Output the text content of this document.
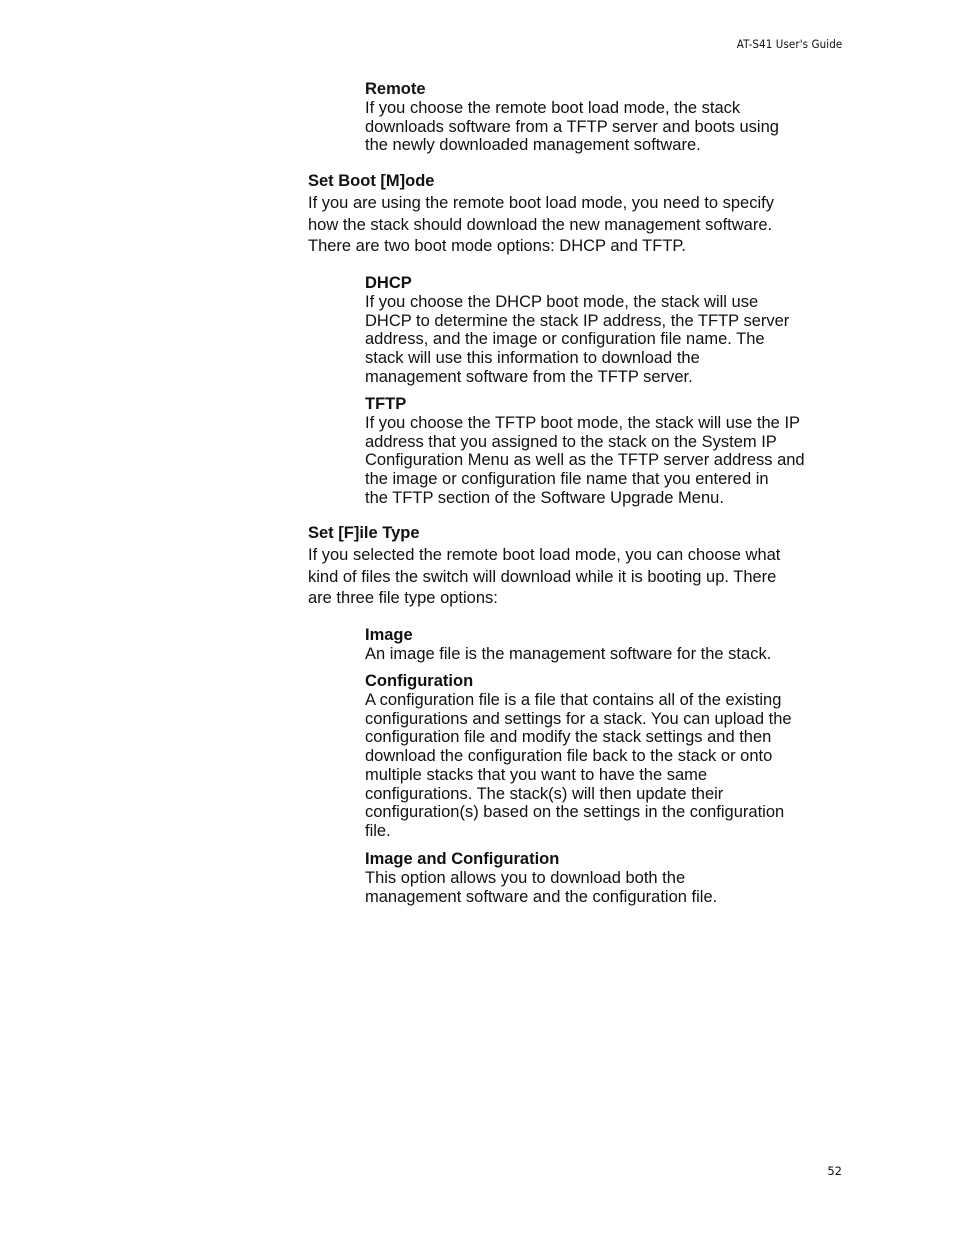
AT-S41 User's Guide
Remote

If you choose the remote boot load mode, the stack

downloads software from a TFTP server and boots using

the newly downloaded management software.

Set Boot [M]ode

If you are using the remote boot load mode, you need to specify

how the stack should download the new management software.

There are two boot mode options: DHCP and TFTP.

DHCP

If you choose the DHCP boot mode, the stack will use

DHCP to determine the stack IP address, the TFTP server

address, and the image or configuration file name. The

stack will use this information to download the

management software from the TFTP server.

TFTP

If you choose the TFTP boot mode, the stack will use the IP

address that you assigned to the stack on the System IP

Configuration Menu as well as the TFTP server address and

the image or configuration file name that you entered in

the TFTP section of the Software Upgrade Menu.

Set [F]ile Type

If you selected the remote boot load mode, you can choose what

kind of files the switch will download while it is booting up. There

are three file type options:

Image

An image file is the management software for the stack.

Configuration

A configuration file is a file that contains all of the existing

configurations and settings for a stack. You can upload the

configuration file and modify the stack settings and then

download the configuration file back to the stack or onto

multiple stacks that you want to have the same

configurations. The stack(s) will then update their

configuration(s) based on the settings in the configuration

file.

Image and Configuration

This option allows you to download both the

management software and the configuration file.

52
